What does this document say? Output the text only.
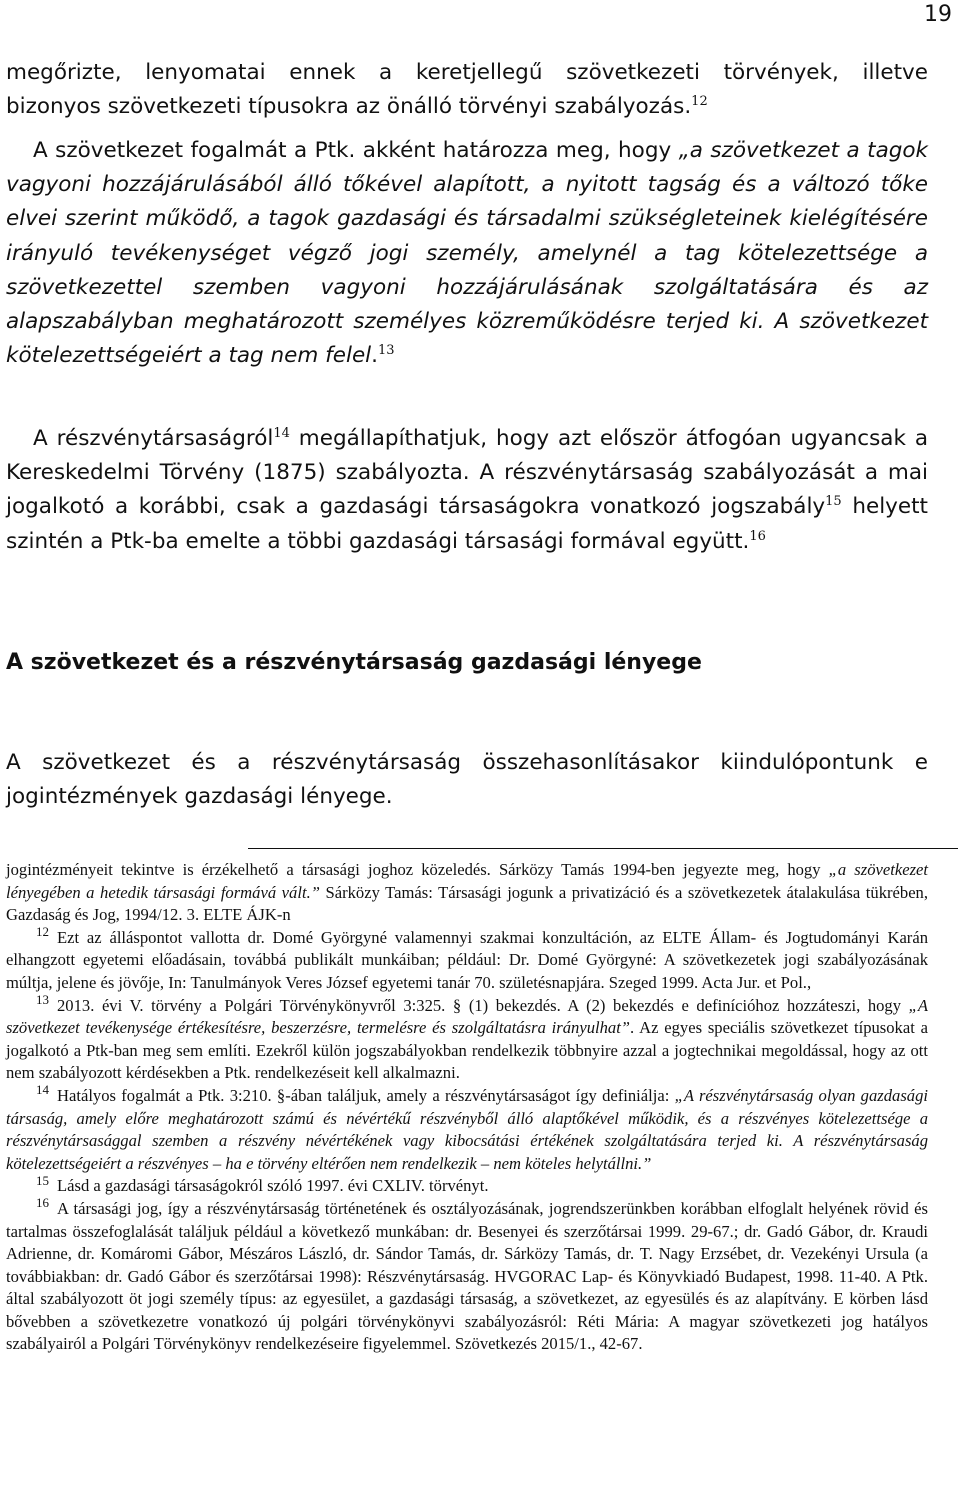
19
megőrizte, lenyomatai ennek a keretjellegű szövetkezeti törvények, illetve
bizonyos szövetkezeti típusokra az önálló törvényi szabályozás.$^{12}$
A szövetkezet fogalmát a Ptk. akként határozza meg, hogy „a szövetkezet a tagok vagyoni hozzájárulásából álló tőkével alapított, a nyitott tagság és a változó tőke elvei szerint működő, a tagok gazdasági és társadalmi szükségleteinek kielégítésére irányuló tevékenységet végző jogi személy, amelynél a tag kötelezettsége a szövetkezettel szemben vagyoni hozzájárulásának szolgáltatására és az alapszabályban meghatározott személyes közreműködésre terjed ki. A szövetkezet kötelezettségeiért a tag nem felel.$^{13}$
A részvénytársaságról$^{14}$ megállapíthatjuk, hogy azt először átfogóan ugyancsak a Kereskedelmi Törvény (1875) szabályozta. A részvénytársaság szabályozását a mai jogalkotó a korábbi, csak a gazdasági társaságokra vonatkozó jogszabály$^{15}$ helyett szintén a Ptk-ba emelte a többi gazdasági társasági formával együtt.$^{16}$
A szövetkezet és a részvénytársaság gazdasági lényege
A szövetkezet és a részvénytársaság összehasonlításakor kiindulópontunk e jogintézmények gazdasági lényege.
jogintézményeit tekintve is érzékelhető a társasági joghoz közeledés. Sárközy Tamás 1994-ben jegyezte meg, hogy „a szövetkezet lényegében a hetedik társasági formává vált.” Sárközy Tamás: Társasági jogunk a privatizáció és a szövetkezetek átalakulása tükrében, Gazdaság és Jog, 1994/12. 3. ELTE ÁJK-n
$^{12}$ Ezt az álláspontot vallotta dr. Domé Györgyné valamennyi szakmai konzultáción, az ELTE Állam- és Jogtudományi Karán elhangzott egyetemi előadásain, továbbá publikált munkáiban; például: Dr. Domé Györgyné: A szövetkezetek jogi szabályozásának múltja, jelene és jövője, In: Tanulmányok Veres József egyetemi tanár 70. születésnapjára. Szeged 1999. Acta Jur. et Pol.,
$^{13}$ 2013. évi V. törvény a Polgári Törvénykönyvről 3:325. § (1) bekezdés. A (2) bekezdés e definícióhoz hozzáteszi, hogy „A szövetkezet tevékenysége értékesítésre, beszerzésre, termelésre és szolgáltatásra irányulhat”. Az egyes speciális szövetkezet típusokat a jogalkotó a Ptk-ban meg sem említi. Ezekről külön jogszabályokban rendelkezik többnyire azzal a jogtechnikai megoldással, hogy az ott nem szabályozott kérdésekben a Ptk. rendelkezéseit kell alkalmazni.
$^{14}$ Hatályos fogalmát a Ptk. 3:210. §-ában találjuk, amely a részvénytársaságot így definiálja: „A részvénytársaság olyan gazdasági társaság, amely előre meghatározott számú és névértékű részvényből álló alaptőkével működik, és a részvényes kötelezettsége a részvénytársasággal szemben a részvény névértékének vagy kibocsátási értékének szolgáltatására terjed ki. A részvénytársaság kötelezettségeiért a részvényes – ha e törvény eltérően nem rendelkezik – nem köteles helytállni.”
$^{15}$ Lásd a gazdasági társaságokról szóló 1997. évi CXLIV. törvényt.
$^{16}$ A társasági jog, így a részvénytársaság történetének és osztályozásának, jogrendszerünkben korábban elfoglalt helyének rövid és tartalmas összefoglalását találjuk például a következő munkában: dr. Besenyei és szerzőtársai 1999. 29-67.; dr. Gadó Gábor, dr. Kraudi Adrienne, dr. Komáromi Gábor, Mészáros László, dr. Sándor Tamás, dr. Sárközy Tamás, dr. T. Nagy Erzsébet, dr. Vezekényi Ursula (a továbbiakban: dr. Gadó Gábor és szerzőtársai 1998): Részvénytársaság. HVGORAC Lap- és Könyvkiadó Budapest, 1998. 11-40. A Ptk. által szabályozott öt jogi személy típus: az egyesület, a gazdasági társaság, a szövetkezet, az egyesülés és az alapítvány. E körben lásd bővebben a szövetkezetre vonatkozó új polgári törvénykönyvi szabályozásról: Réti Mária: A magyar szövetkezeti jog hatályos szabályairól a Polgári Törvénykönyv rendelkezéseire figyelemmel. Szövetkezés 2015/1., 42-67.
